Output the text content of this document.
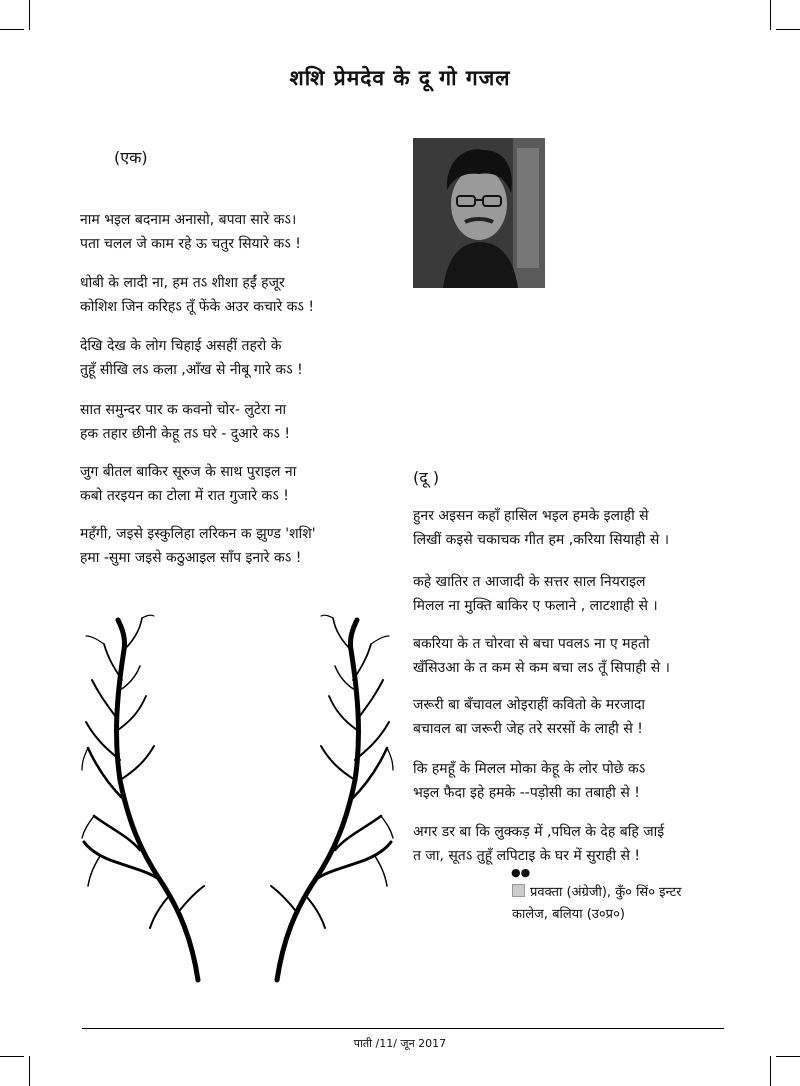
शशि प्रेमदेव के दू गो गजल
(एक)
नाम भइल बदनाम अनासो, बपवा सारे कऽ।
पता चलल जे काम रहे ऊ चतुर सियारे कऽ !
धोबी के लादी ना, हम तऽ शीशा हईं हजूर
कोशिश जिन करिहऽ तूँ फेंके अउर कचारे कऽ !
देखि देख के लोग चिहाई असहीं तहरो के
तुहूँ सीखि लऽ कला ,आँख से नीबू गारे कऽ !
सात समुन्दर पार क कवनो चोर- लुटेरा ना
हक तहार छीनी केहू तऽ घरे - दुआरे कऽ !
जुग बीतल बाकिर सूरुज के साथ पुराइल ना
कबो तरइयन का टोला में रात गुजारे कऽ !
महँगी, जइसे इस्कुलिहा लरिकन क झुण्ड 'शशि'
हमा -सुमा जइसे कठुआइल साँप इनारे कऽ !
(दू )
हुनर अइसन कहाँ हासिल भइल हमके इलाही से
लिखीं कइसे चकाचक गीत हम ,करिया सियाही से ।
कहे खातिर त आजादी के सत्तर साल नियराइल
मिलल ना मुक्ति बाकिर ए फलाने , लाटशाही से ।
बकरिया के त चोरवा से बचा पवलऽ ना ए महतो
खँसिउआ के त कम से कम बचा लऽ तूँ सिपाही से ।
जरूरी बा बँचावल ओइराहीं कवितो के मरजादा
बचावल बा जरूरी जेह तरे सरसों के लाही से !
कि हमहूँ के मिलल मोका केहू के लोर पोछे कऽ
भइल फैदा इहे हमके --पड़ोसी का तबाही से !
अगर डर बा कि लुक्कड़ में ,पघिल के देह बहि जाई
त जा, सूतऽ तुहूँ लपिटाइ के घर में सुराही से !
●●
प्रवक्ता (अंग्रेजी), कुँ० सिं० इन्टर
कालेज, बलिया (उ०प्र०)
पाती /11/ जून 2017
